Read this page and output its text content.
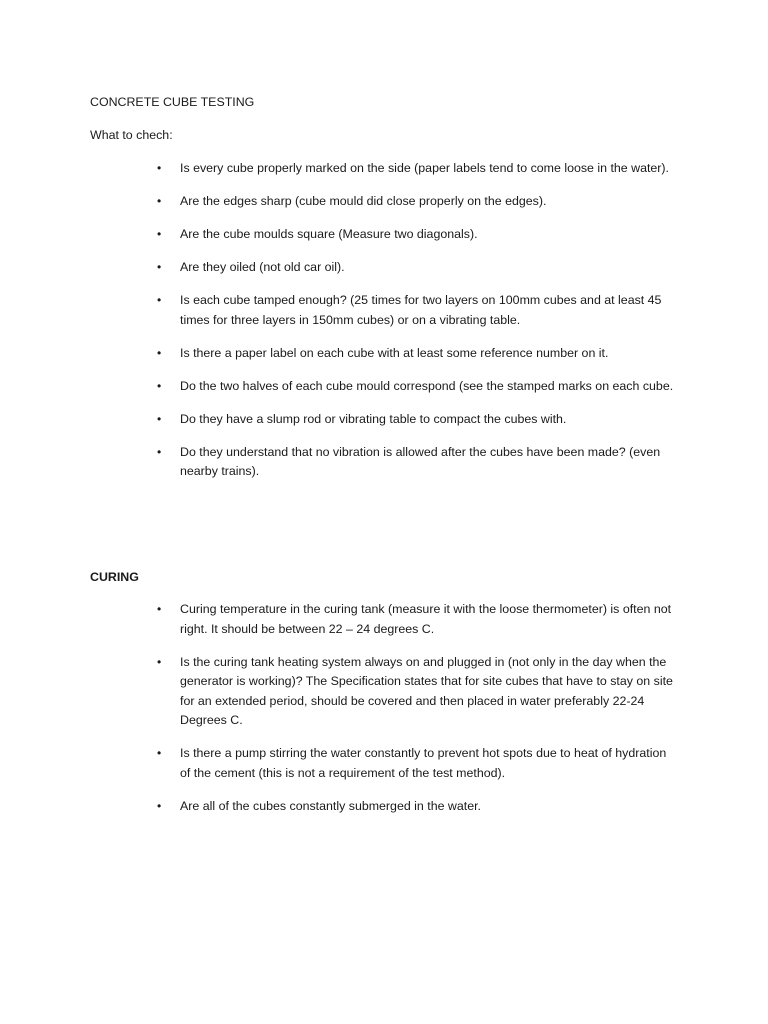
CONCRETE CUBE TESTING

What to chech:

• Is every cube properly marked on the side (paper labels tend to come loose in the water).
• Are the edges sharp (cube mould did close properly on the edges).
• Are the cube moulds square (Measure two diagonals).
• Are they oiled (not old car oil).
• Is each cube tamped enough? (25 times for two layers on 100mm cubes and at least 45 times for three layers in 150mm cubes) or on a vibrating table.
• Is there a paper label on each cube with at least some reference number on it.
• Do the two halves of each cube mould correspond (see the stamped marks on each cube.
• Do they have a slump rod or vibrating table to compact the cubes with.
• Do they understand that no vibration is allowed after the cubes have been made? (even nearby trains).

CURING

• Curing temperature in the curing tank (measure it with the loose thermometer) is often not right. It should be between 22 – 24 degrees C.
• Is the curing tank heating system always on and plugged in (not only in the day when the generator is working)? The Specification states that for site cubes that have to stay on site for an extended period, should be covered and then placed in water preferably 22-24 Degrees C.
• Is there a pump stirring the water constantly to prevent hot spots due to heat of hydration of the cement (this is not a requirement of the test method).
• Are all of the cubes constantly submerged in the water.
